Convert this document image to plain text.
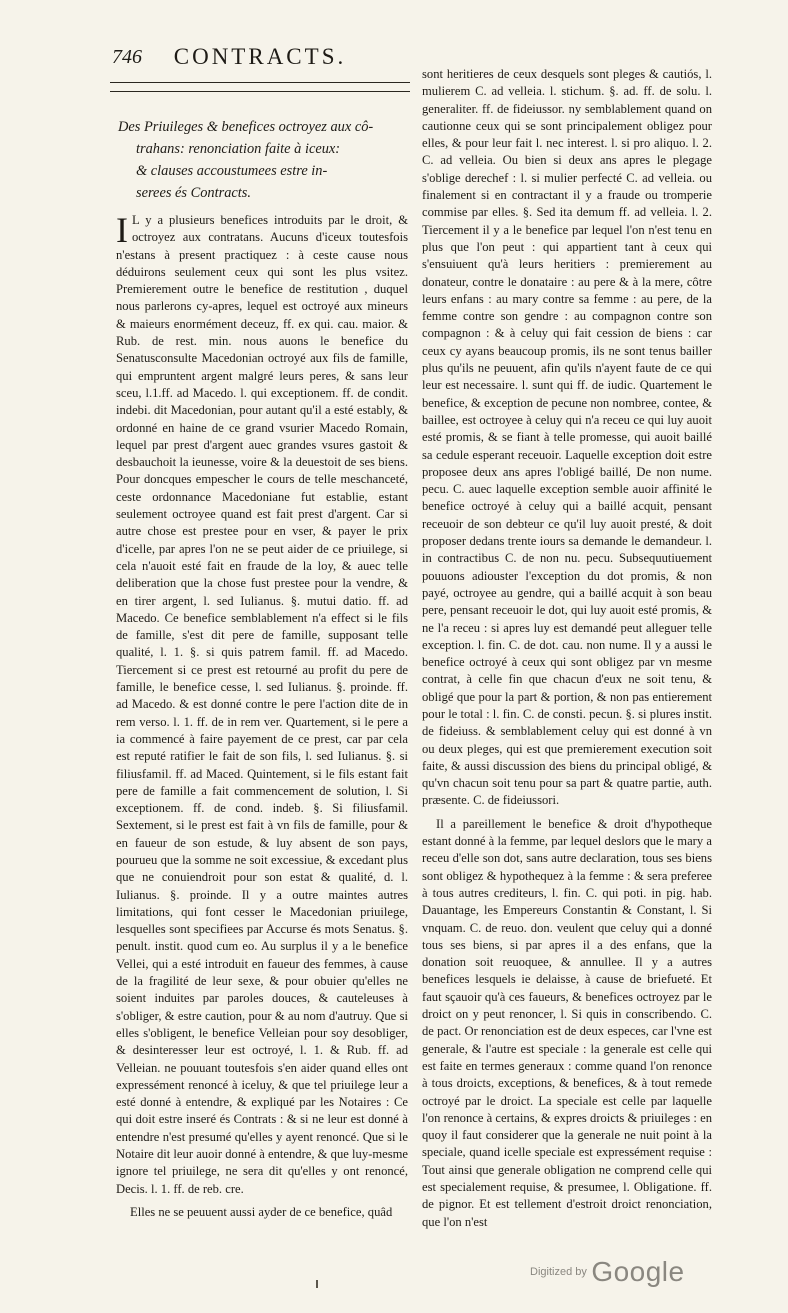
746	CONTRACTS.
Des Priuileges & benefices octroyez aux cô-
trahans: renonciation faite à iceux:
& clauses accoustumees estre in-
serees és Contracts.

I L y a plusieurs benefices introduits par le droit, & octroyez aux contratans. Aucuns d'iceux toutesfois n'estans à present practiquez : à ceste cause nous déduirons seulement ceux qui sont les plus vsitez. Premierement outre le benefice de restitution , duquel nous parlerons cy-apres, lequel est octroyé aux mineurs & maieurs enormément deceuz, ff. ex qui. cau. maior. & Rub. de rest. min. nous auons le benefice du Senatusconsulte Macedonian octroyé aux fils de famille, qui empruntent argent malgré leurs peres, & sans leur sceu, l.1.ff. ad Macedo. l. qui exceptionem. ff. de condit. indebi. dit Macedonian, pour autant qu'il a esté estably, & ordonné en haine de ce grand vsurier Macedo Romain, lequel par prest d'argent auec grandes vsures gastoit & desbauchoit la ieunesse, voire & la deuestoit de ses biens. Pour doncques empescher le cours de telle meschanceté, ceste ordonnance Macedoniane fut establie, estant seulement octroyee quand est fait prest d'argent. Car si autre chose est prestee pour en vser, & payer le prix d'icelle, par apres l'on ne se peut aider de ce priuilege, si cela n'auoit esté fait en fraude de la loy, & auec telle deliberation que la chose fust prestee pour la vendre, & en tirer argent, l. sed Iulianus. §. mutui datio. ff. ad Macedo. Ce benefice semblablement n'a effect si le fils de famille, s'est dit pere de famille, supposant telle qualité, l. 1. §. si quis patrem famil. ff. ad Macedo. Tiercement si ce prest est retourné au profit du pere de famille, le benefice cesse, l. sed Iulianus. §. proinde. ff. ad Macedo. & est donné contre le pere l'action dite de in rem verso. l. 1. ff. de in rem ver. Quartement, si le pere a ia commencé à faire payement de ce prest, car par cela est reputé ratifier le fait de son fils, l. sed Iulianus. §. si filiusfamil. ff. ad Maced. Quintement, si le fils estant fait pere de famille a fait commencement de solution, l. Si exceptionem. ff. de cond. indeb. §. Si filiusfamil. Sextement, si le prest est fait à vn fils de famille, pour & en faueur de son estude, & luy absent de son pays, pourueu que la somme ne soit excessiue, & excedant plus que ne conuiendroit pour son estat & qualité, d. l. Iulianus. §. proinde. Il y a outre maintes autres limitations, qui font cesser le Macedonian priuilege, lesquelles sont specifiees par Accurse és mots Senatus. §. penult. instit. quod cum eo. Au surplus il y a le benefice Vellei, qui a esté introduit en faueur des femmes, à cause de la fragilité de leur sexe, & pour obuier qu'elles ne soient induites par paroles douces, & cauteleuses à s'obliger, & estre caution, pour & au nom d'autruy. Que si elles s'obligent, le benefice Velleian pour soy desobliger, & desinteresser leur est octroyé, l. 1. & Rub. ff. ad Velleian. ne pouuant toutesfois s'en aider quand elles ont expressément renoncé à iceluy, & que tel priuilege leur a esté donné à entendre, & expliqué par les Notaires : Ce qui doit estre inseré és Contrats : & si ne leur est donné à entendre n'est presumé qu'elles y ayent renoncé. Que si le Notaire dit leur auoir donné à entendre, & que luy-mesme ignore tel priuilege, ne sera dit qu'elles y ont renoncé, Decis. l. 1. ff. de reb. cre.

Elles ne se peuuent aussi ayder de ce benefice, quâd

sont heritieres de ceux desquels sont pleges & cautiós, l. mulierem C. ad velleia. l. stichum. §. ad. ff. de solu. l. generaliter. ff. de fideiussor. ny semblablement quand on cautionne ceux qui se sont principalement obligez pour elles, & pour leur fait l. nec interest. l. si pro aliquo. l. 2. C. ad velleia. Ou bien si deux ans apres le plegage s'oblige derechef : l. si mulier perfecté C. ad velleia. ou finalement si en contractant il y a fraude ou tromperie commise par elles. §. Sed ita demum ff. ad velleia. l. 2. Tiercement il y a le benefice par lequel l'on n'est tenu en plus que l'on peut : qui appartient tant à ceux qui s'ensuiuent qu'à leurs heritiers : premierement au donateur, contre le donataire : au pere & à la mere, côtre leurs enfans : au mary contre sa femme : au pere, de la femme contre son gendre : au compagnon contre son compagnon : & à celuy qui fait cession de biens : car ceux cy ayans beaucoup promis, ils ne sont tenus bailler plus qu'ils ne peuuent, afin qu'ils n'ayent faute de ce qui leur est necessaire. l. sunt qui ff. de iudic. Quartement le benefice, & exception de pecune non nombree, contee, & baillee, est octroyee à celuy qui n'a receu ce qui luy auoit esté promis, & se fiant à telle promesse, qui auoit baillé sa cedule esperant receuoir. Laquelle exception doit estre proposee deux ans apres l'obligé baillé, De non nume. pecu. C. auec laquelle exception semble auoir affinité le benefice octroyé à celuy qui a baillé acquit, pensant receuoir de son debteur ce qu'il luy auoit presté, & doit proposer dedans trente iours sa demande le demandeur. l. in contractibus C. de non nu. pecu. Subsequutiuement pouuons adiouster l'exception du dot promis, & non payé, octroyee au gendre, qui a baillé acquit à son beau pere, pensant receuoir le dot, qui luy auoit esté promis, & ne l'a receu : si apres luy est demandé peut alleguer telle exception. l. fin. C. de dot. cau. non nume. Il y a aussi le benefice octroyé à ceux qui sont obligez par vn mesme contrat, à celle fin que chacun d'eux ne soit tenu, & obligé que pour la part & portion, & non pas entierement pour le total : l. fin. C. de consti. pecun. §. si plures instit. de fideiuss. & semblablement celuy qui est donné à vn ou deux pleges, qui est que premierement execution soit faite, & aussi discussion des biens du principal obligé, & qu'vn chacun soit tenu pour sa part & quatre partie, auth. præsente. C. de fideiussori.

Il a pareillement le benefice & droit d'hypotheque estant donné à la femme, par lequel deslors que le mary a receu d'elle son dot, sans autre declaration, tous ses biens sont obligez & hypothequez à la femme : & sera preferee à tous autres crediteurs, l. fin. C. qui poti. in pig. hab. Dauantage, les Empereurs Constantin & Constant, l. Si vnquam. C. de reuo. don. veulent que celuy qui a donné tous ses biens, si par apres il a des enfans, que la donation soit reuoquee, & annullee. Il y a autres benefices lesquels ie delaisse, à cause de briefueté. Et faut sçauoir qu'à ces faueurs, & benefices octroyez par le droict on y peut renoncer, l. Si quis in conscribendo. C. de pact. Or renonciation est de deux especes, car l'vne est generale, & l'autre est speciale : la generale est celle qui est faite en termes generaux : comme quand l'on renonce à tous droicts, exceptions, & benefices, & à tout remede octroyé par le droict. La speciale est celle par laquelle l'on renonce à certains, & expres droicts & priuileges : en quoy il faut considerer que la generale ne nuit point à la speciale, quand icelle speciale est expressément requise : Tout ainsi que generale obligation ne comprend celle qui est specialement requise, & presumee, l. Obligatione. ff. de pignor. Et est tellement d'estroit droict renonciation, que l'on n'est

Digitized by Google
